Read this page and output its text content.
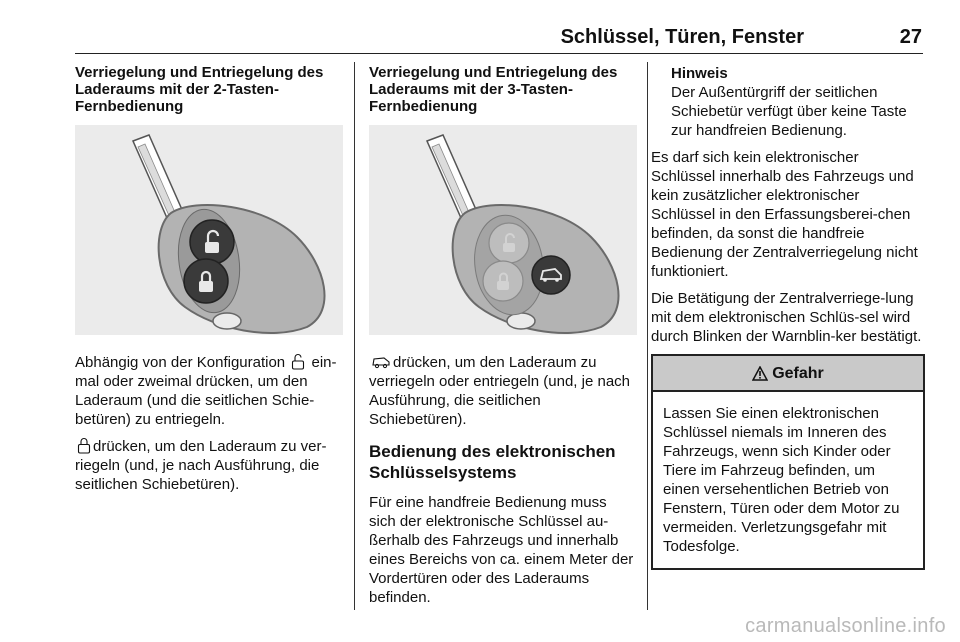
Schlüssel, Türen, Fenster	27
Verriegelung und Entriegelung des Laderaums mit der 2-Tasten-Fernbedienung

Abhängig von der Konfiguration  ein-mal oder zweimal drücken, um den Laderaum (und die seitlichen Schie-betüren) zu entriegeln.

drücken, um den Laderaum zu ver-riegeln (und, je nach Ausführung, die seitlichen Schiebetüren).

Verriegelung und Entriegelung des Laderaums mit der 3-Tasten-Fernbedienung

drücken, um den Laderaum zu verriegeln oder entriegeln (und, je nach Ausführung, die seitlichen Schiebetüren).

Bedienung des elektronischen Schlüsselsystems

Für eine handfreie Bedienung muss sich der elektronische Schlüssel au-ßerhalb des Fahrzeugs und innerhalb eines Bereichs von ca. einem Meter der Vordertüren oder des Laderaums befinden.

Hinweis
Der Außentürgriff der seitlichen Schiebetür verfügt über keine Taste zur handfreien Bedienung.

Es darf sich kein elektronischer Schlüssel innerhalb des Fahrzeugs und kein zusätzlicher elektronischer Schlüssel in den Erfassungsberei-chen befinden, da sonst die handfreie Bedienung der Zentralverriegelung nicht funktioniert.

Die Betätigung der Zentralverriege-lung mit dem elektronischen Schlüs-sel wird durch Blinken der Warnblin-ker bestätigt.

Gefahr
Lassen Sie einen elektronischen Schlüssel niemals im Inneren des Fahrzeugs, wenn sich Kinder oder Tiere im Fahrzeug befinden, um einen versehentlichen Betrieb von Fenstern, Türen oder dem Motor zu vermeiden. Verletzungsgefahr mit Todesfolge.
carmanualsonline.info
